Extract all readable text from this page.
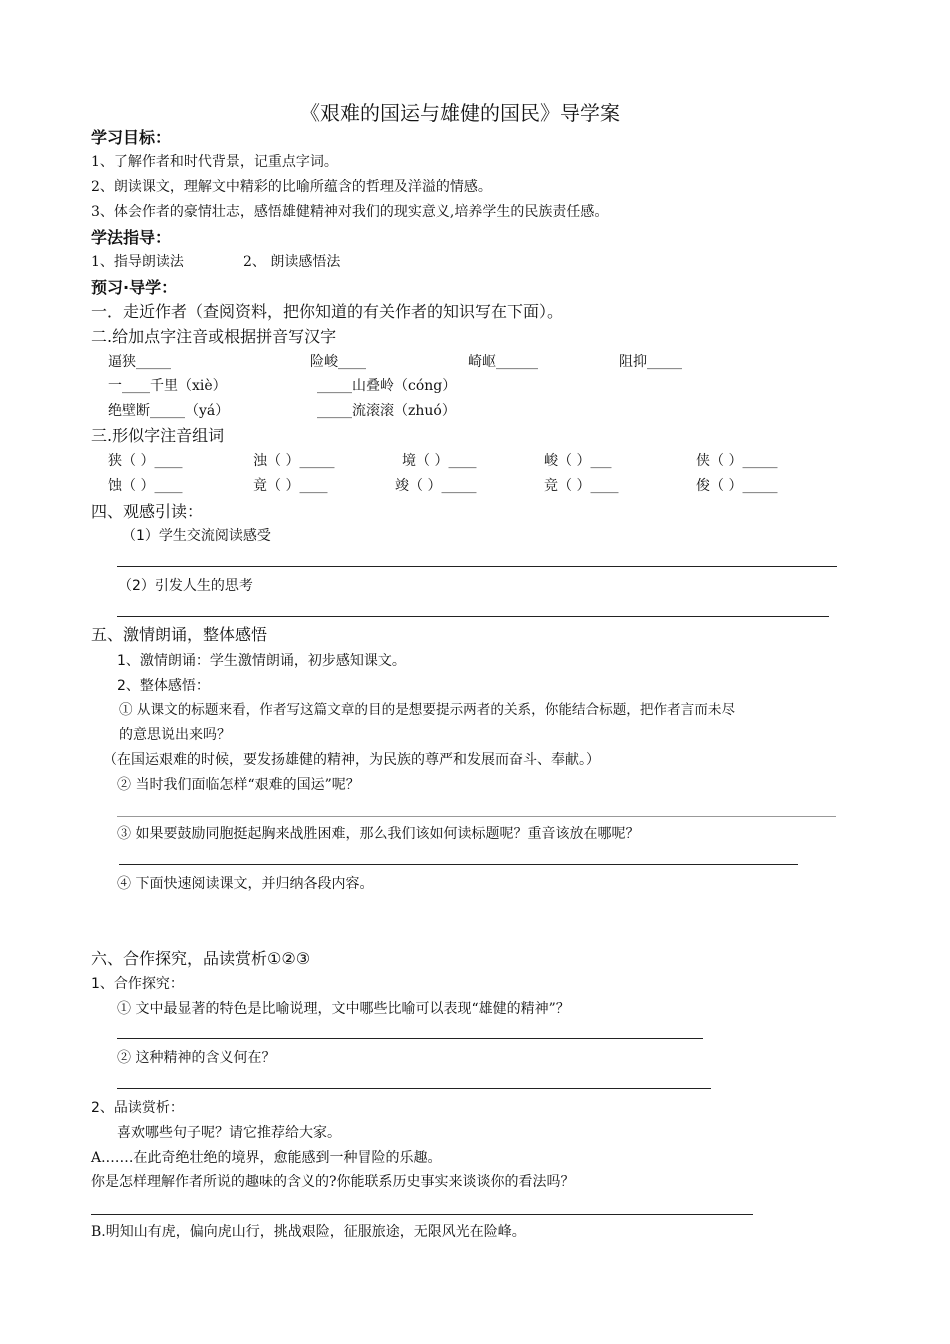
《艰难的国运与雄健的国民》导学案
学习目标：
1、了解作者和时代背景，记重点字词。
2、朗读课文，理解文中精彩的比喻所蕴含的哲理及洋溢的情感。
3、体会作者的豪情壮志，感悟雄健精神对我们的现实意义,培养学生的民族责任感。
学法指导：
1、指导朗读法	2、 朗读感悟法
预习·导学：
一．走近作者（查阅资料，把你知道的有关作者的知识写在下面）。
二.给加点字注音或根据拼音写汉字
逼狭_____	险峻____	崎岖______	阻抑_____
一____千里（xiè）	_____山叠岭（cóng）
绝壁断_____（yá）	_____流滚滚（zhuó）
三.形似字注音组词
狭（ ）____	浊（ ）_____	境（ ）____	峻（ ）___	侠（ ）_____
蚀（ ）____	竟（ ）____	竣（ ）_____	竞（ ）____	俊（ ）_____
四、观感引读：
（1）学生交流阅读感受
（2）引发人生的思考
五、激情朗诵，整体感悟
1、激情朗诵：学生激情朗诵，初步感知课文。
2、整体感悟：
① 从课文的标题来看，作者写这篇文章的目的是想要提示两者的关系，你能结合标题，把作者言而未尽
的意思说出来吗？
（在国运艰难的时候，要发扬雄健的精神，为民族的尊严和发展而奋斗、奉献。）
② 当时我们面临怎样“艰难的国运”呢？
③ 如果要鼓励同胞挺起胸来战胜困难，那么我们该如何读标题呢？重音该放在哪呢？
④ 下面快速阅读课文，并归纳各段内容。
六、合作探究，品读赏析①②③
1、合作探究：
① 文中最显著的特色是比喻说理，文中哪些比喻可以表现“雄健的精神”？
② 这种精神的含义何在？
2、品读赏析：
喜欢哪些句子呢？请它推荐给大家。
A.……在此奇绝壮绝的境界，愈能感到一种冒险的乐趣。
你是怎样理解作者所说的趣味的含义的?你能联系历史事实来谈谈你的看法吗？
B.明知山有虎，偏向虎山行，挑战艰险，征服旅途，无限风光在险峰。
